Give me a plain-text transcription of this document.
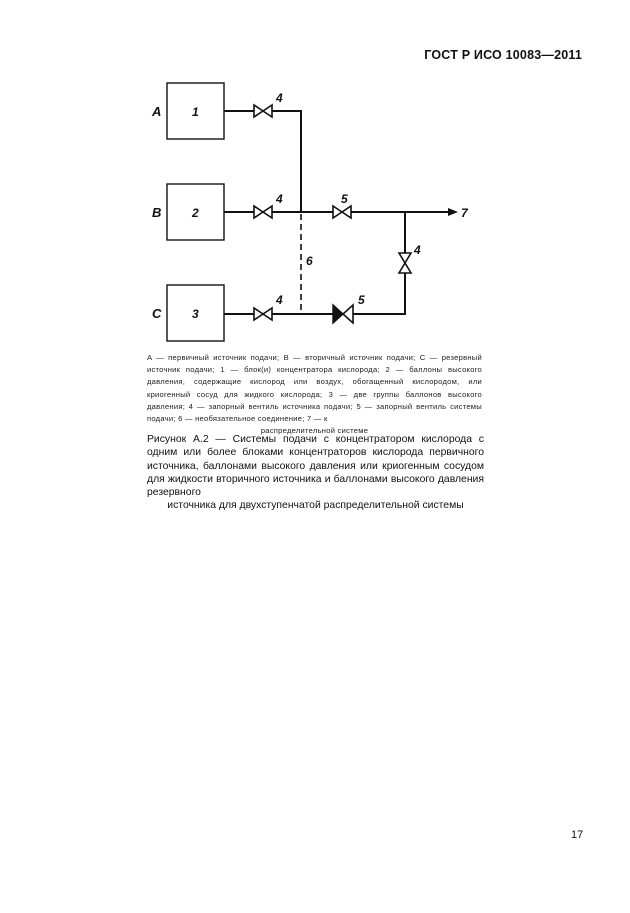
ГОСТ Р ИСО 10083—2011
1
2
3
A
B
C
4
4
4
5
5
4
6
7
A — первичный источник подачи; B — вторичный источник подачи; C — резервный источник подачи; 1 — блок(и) концентратора кислорода; 2 — баллоны высокого давления, содержащие кислород или воздух, обогащенный кислородом, или криогенный сосуд для жидкого кислорода; 3 — две группы баллонов высокого давления; 4 — запорный вентиль источника подачи; 5 — запорный вентиль системы подачи; 6 — необязательное соединение; 7 — к
распределительной системе
Рисунок A.2 — Системы подачи с концентратором кислорода с одним или более блоками концентраторов кислорода первичного источника, баллонами высокого давления или криогенным сосудом для жидкости вторичного источника и баллонами высокого давления резервного
источника для двухступенчатой распределительной системы
17
